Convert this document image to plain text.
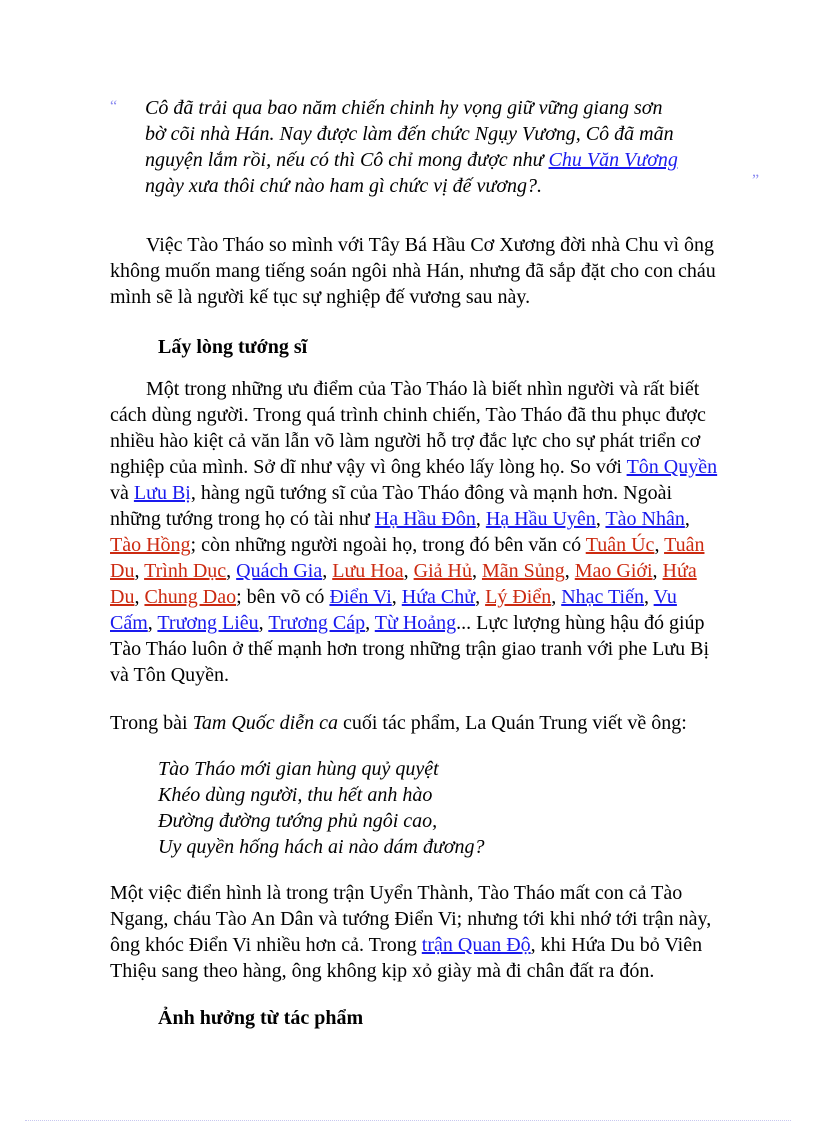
“
”
Cô đã trải qua bao năm chiến chinh hy vọng giữ vững giang sơn
bờ cõi nhà Hán. Nay được làm đến chức Ngụy Vương, Cô đã mãn
nguyện lắm rồi, nếu có thì Cô chỉ mong được như Chu Văn Vương
ngày xưa thôi chứ nào ham gì chức vị đế vương?.
Việc Tào Tháo so mình với Tây Bá Hầu Cơ Xương đời nhà Chu vì ông
không muốn mang tiếng soán ngôi nhà Hán, nhưng đã sắp đặt cho con cháu
mình sẽ là người kế tục sự nghiệp đế vương sau này.
Lấy lòng tướng sĩ
Một trong những ưu điểm của Tào Tháo là biết nhìn người và rất biết
cách dùng người. Trong quá trình chinh chiến, Tào Tháo đã thu phục được
nhiều hào kiệt cả văn lẫn võ làm người hỗ trợ đắc lực cho sự phát triển cơ
nghiệp của mình. Sở dĩ như vậy vì ông khéo lấy lòng họ. So với Tôn Quyền
và Lưu Bị, hàng ngũ tướng sĩ của Tào Tháo đông và mạnh hơn. Ngoài
những tướng trong họ có tài như Hạ Hầu Đôn, Hạ Hầu Uyên, Tào Nhân,
Tào Hồng; còn những người ngoài họ, trong đó bên văn có Tuân Úc, Tuân
Du, Trình Dục, Quách Gia, Lưu Hoa, Giả Hủ, Mãn Sủng, Mao Giới, Hứa
Du, Chung Dao; bên võ có Điển Vi, Hứa Chử, Lý Điển, Nhạc Tiến, Vu
Cấm, Trương Liêu, Trương Cáp, Từ Hoảng... Lực lượng hùng hậu đó giúp
Tào Tháo luôn ở thế mạnh hơn trong những trận giao tranh với phe Lưu Bị
và Tôn Quyền.
Trong bài Tam Quốc diễn ca cuối tác phẩm, La Quán Trung viết về ông:
Tào Tháo mới gian hùng quỷ quyệt
Khéo dùng người, thu hết anh hào
Đường đường tướng phủ ngôi cao,
Uy quyền hống hách ai nào dám đương?
Một việc điển hình là trong trận Uyển Thành, Tào Tháo mất con cả Tào
Ngang, cháu Tào An Dân và tướng Điển Vi; nhưng tới khi nhớ tới trận này,
ông khóc Điển Vi nhiều hơn cả. Trong trận Quan Độ, khi Hứa Du bỏ Viên
Thiệu sang theo hàng, ông không kịp xỏ giày mà đi chân đất ra đón.
Ảnh hưởng từ tác phẩm
